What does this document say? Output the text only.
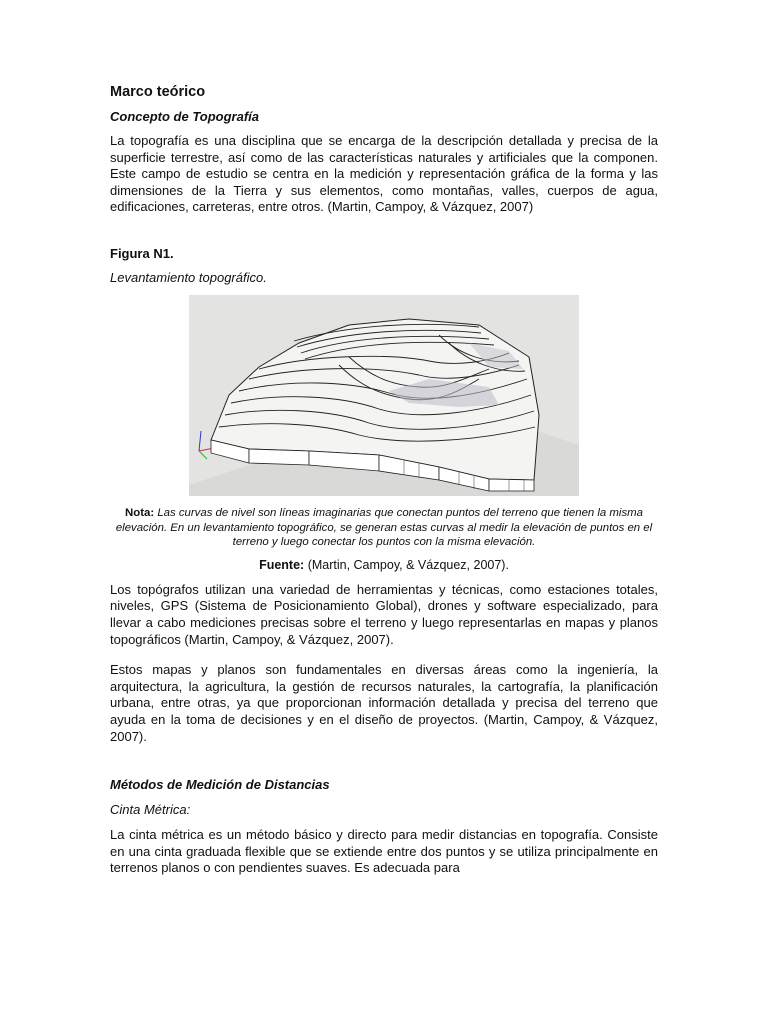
Marco teórico
Concepto de Topografía

La topografía es una disciplina que se encarga de la descripción detallada y precisa de la superficie terrestre, así como de las características naturales y artificiales que la componen. Este campo de estudio se centra en la medición y representación gráfica de la forma y las dimensiones de la Tierra y sus elementos, como montañas, valles, cuerpos de agua, edificaciones, carreteras, entre otros. (Martin, Campoy, & Vázquez, 2007)

Figura N1.
Levantamiento topográfico.
Nota: Las curvas de nivel son líneas imaginarias que conectan puntos del terreno que tienen la misma elevación. En un levantamiento topográfico, se generan estas curvas al medir la elevación de puntos en el terreno y luego conectar los puntos con la misma elevación.
Fuente: (Martin, Campoy, & Vázquez, 2007).

Los topógrafos utilizan una variedad de herramientas y técnicas, como estaciones totales, niveles, GPS (Sistema de Posicionamiento Global), drones y software especializado, para llevar a cabo mediciones precisas sobre el terreno y luego representarlas en mapas y planos topográficos (Martin, Campoy, & Vázquez, 2007).

Estos mapas y planos son fundamentales en diversas áreas como la ingeniería, la arquitectura, la agricultura, la gestión de recursos naturales, la cartografía, la planificación urbana, entre otras, ya que proporcionan información detallada y precisa del terreno que ayuda en la toma de decisiones y en el diseño de proyectos. (Martin, Campoy, & Vázquez, 2007).

Métodos de Medición de Distancias
Cinta Métrica:

La cinta métrica es un método básico y directo para medir distancias en topografía. Consiste en una cinta graduada flexible que se extiende entre dos puntos y se utiliza principalmente en terrenos planos o con pendientes suaves. Es adecuada para
